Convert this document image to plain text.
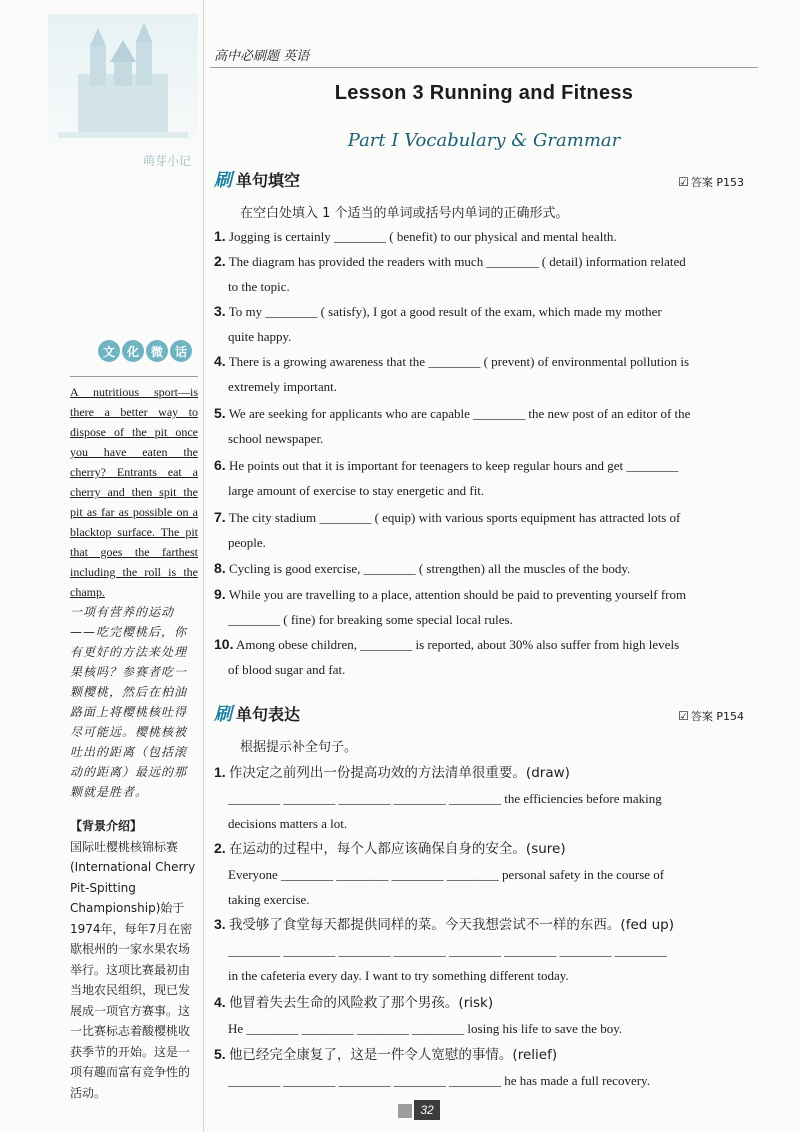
萌芽小记
文 化 微 话
A nutritious sport—is there a better way to dispose of the pit once you have eaten the cherry? Entrants eat a cherry and then spit the pit as far as possible on a blacktop surface. The pit that goes the farthest including the roll is the champ.
一项有营养的运动——吃完樱桃后，你有更好的方法来处理果核吗？参赛者吃一颗樱桃，然后在柏油路面上将樱桃核吐得尽可能远。樱桃核被吐出的距离（包括滚动的距离）最远的那颗就是胜者。
【背景介绍】
国际吐樱桃核锦标赛(International Cherry Pit-Spitting Championship)始于1974年，每年7月在密歇根州的一家水果农场举行。这项比赛最初由当地农民组织，现已发展成一项官方赛事。这一比赛标志着酸樱桃收获季节的开始。这是一项有趣而富有竞争性的活动。
高中必刷题 英语
Lesson 3 Running and Fitness
Part I Vocabulary & Grammar
刷 单句填空	☑ 答案 P153
在空白处填入 1 个适当的单词或括号内单词的正确形式。
1. Jogging is certainly ________ ( benefit) to our physical and mental health.
2. The diagram has provided the readers with much ________ ( detail) information related
to the topic.
3. To my ________ ( satisfy), I got a good result of the exam, which made my mother
quite happy.
4. There is a growing awareness that the ________ ( prevent) of environmental pollution is
extremely important.
5. We are seeking for applicants who are capable ________ the new post of an editor of the
school newspaper.
6. He points out that it is important for teenagers to keep regular hours and get ________
large amount of exercise to stay energetic and fit.
7. The city stadium ________ ( equip) with various sports equipment has attracted lots of
people.
8. Cycling is good exercise, ________ ( strengthen) all the muscles of the body.
9. While you are travelling to a place, attention should be paid to preventing yourself from
________ ( fine) for breaking some special local rules.
10. Among obese children, ________ is reported, about 30% also suffer from high levels
of blood sugar and fat.
刷 单句表达	☑ 答案 P154
根据提示补全句子。
1. 作决定之前列出一份提高功效的方法清单很重要。(draw)
________ ________ ________ ________ ________ the efficiencies before making
decisions matters a lot.
2. 在运动的过程中，每个人都应该确保自身的安全。(sure)
Everyone ________ ________ ________ ________ personal safety in the course of
taking exercise.
3. 我受够了食堂每天都提供同样的菜。今天我想尝试不一样的东西。(fed up)
________ ________ ________ ________ ________ ________ ________ ________
in the cafeteria every day. I want to try something different today.
4. 他冒着失去生命的风险救了那个男孩。(risk)
He ________ ________ ________ ________ losing his life to save the boy.
5. 他已经完全康复了，这是一件令人宽慰的事情。(relief)
________ ________ ________ ________ ________ he has made a full recovery.
32
